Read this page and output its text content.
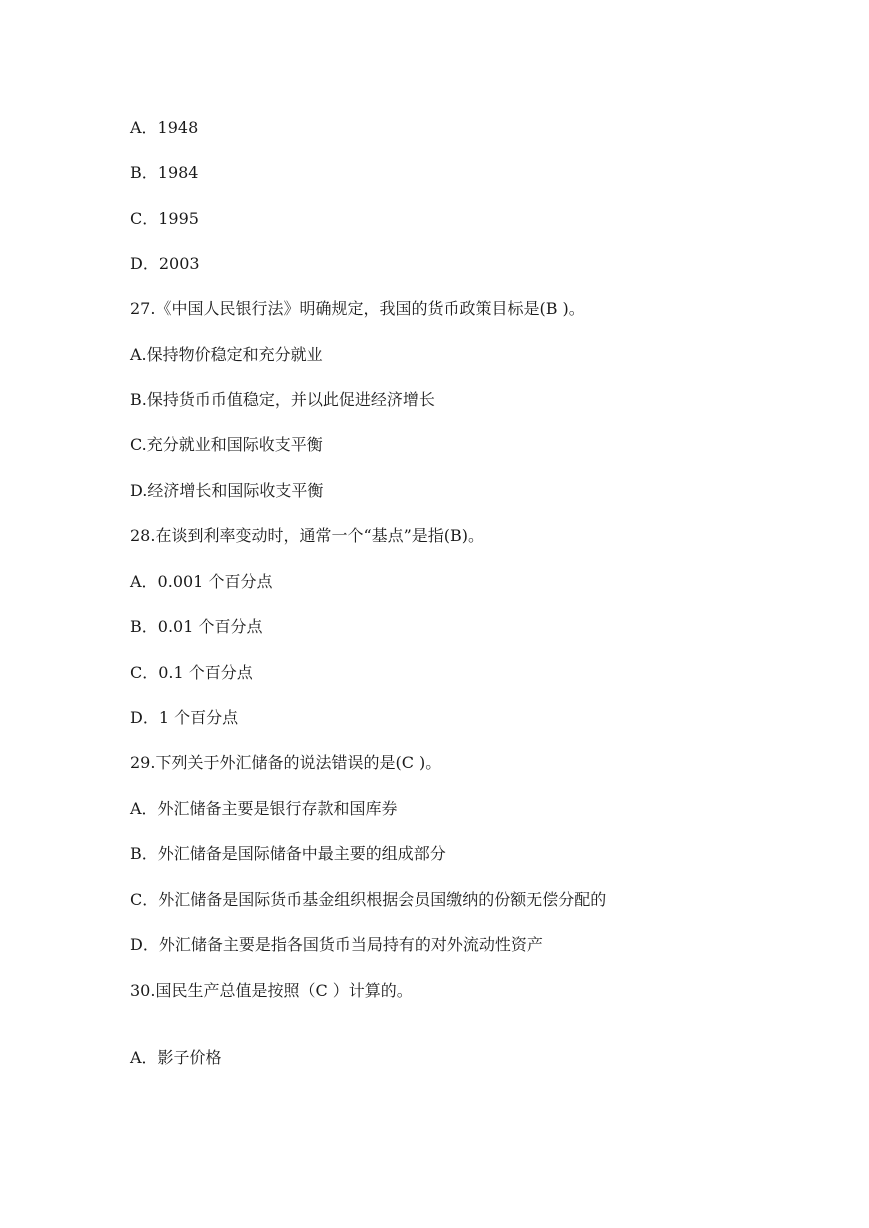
A．1948
B．1984
C．1995
D．2003
27.《中国人民银行法》明确规定，我国的货币政策目标是(B )。
A.保持物价稳定和充分就业
B.保持货币币值稳定，并以此促进经济增长
C.充分就业和国际收支平衡
D.经济增长和国际收支平衡
28.在谈到利率变动时，通常一个“基点”是指(B)。
A．0.001 个百分点
B．0.01 个百分点
C．0.1 个百分点
D．1 个百分点
29.下列关于外汇储备的说法错误的是(C )。
A．外汇储备主要是银行存款和国库券
B．外汇储备是国际储备中最主要的组成部分
C．外汇储备是国际货币基金组织根据会员国缴纳的份额无偿分配的
D．外汇储备主要是指各国货币当局持有的对外流动性资产
30.国民生产总值是按照（C ）计算的。
A．影子价格
